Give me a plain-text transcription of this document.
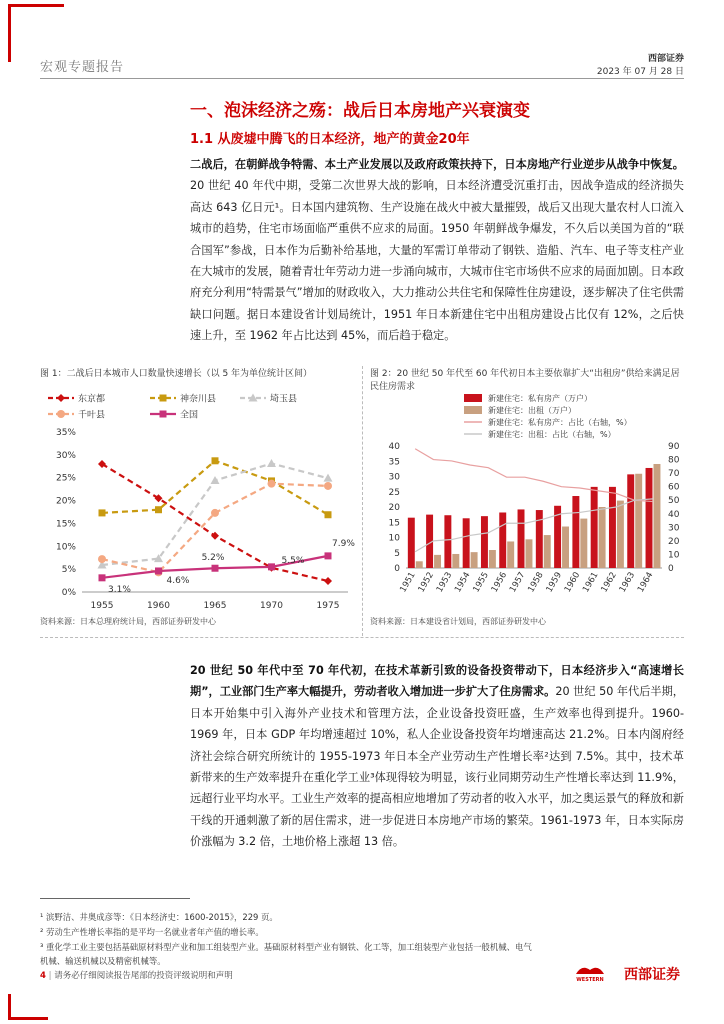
宏观专题报告
西部证券
2023 年 07 月 28 日
一、泡沫经济之殇：战后日本房地产兴衰演变
1.1 从废墟中腾飞的日本经济，地产的黄金20年
二战后，在朝鲜战争特需、本土产业发展以及政府政策扶持下，日本房地产行业逆步从战争中恢复。20 世纪 40 年代中期，受第二次世界大战的影响，日本经济遭受沉重打击，因战争造成的经济损失高达 643 亿日元¹。日本国内建筑物、生产设施在战火中被大量摧毁，战后又出现大量农村人口流入城市的趋势，住宅市场面临严重供不应求的局面。1950 年朝鲜战争爆发，不久后以美国为首的“联合国军”参战，日本作为后勤补给基地，大量的军需订单带动了钢铁、造船、汽车、电子等支柱产业在大城市的发展，随着青壮年劳动力进一步涌向城市，大城市住宅市场供不应求的局面加剧。日本政府充分利用“特需景气”增加的财政收入，大力推动公共住宅和保障性住房建设，逐步解决了住宅供需缺口问题。据日本建设省计划局统计，1951 年日本新建住宅中出租房建设占比仅有 12%，之后快速上升，至 1962 年占比达到 45%，而后趋于稳定。
图 1：二战后日本城市人口数量快速增长（以 5 年为单位统计区间）
东京都	神奈川县	埼玉县
千叶县	全国
0%
5%
10%
15%
20%
25%
30%
35%
1955	1960	1965	1970	1975
3.1%
4.6%
5.2%	5.5%
7.9%
资料来源：日本总理府统计局，西部证券研发中心
图 2：20 世纪 50 年代至 60 年代初日本主要依靠扩大“出租房”供给来满足居民住房需求
新建住宅：私有房产（万户）
新建住宅：出租（万户）
新建住宅：私有房产：占比（右轴，%）
新建住宅：出租：占比（右轴，%）
0
5
10
15
20
25
30
35
40
0
10
20
30
40
50
60
70
80
90
1951
1952
1953
1954
1955
1956
1957
1958
1959
1960
1961
1962
1963
1964
资料来源：日本建设省计划局，西部证券研发中心
20 世纪 50 年代中至 70 年代初，在技术革新引致的设备投资带动下，日本经济步入“高速增长期”，工业部门生产率大幅提升，劳动者收入增加进一步扩大了住房需求。20 世纪 50 年代后半期，日本开始集中引入海外产业技术和管理方法，企业设备投资旺盛，生产效率也得到提升。1960-1969 年，日本 GDP 年均增速超过 10%，私人企业设备投资年均增速高达 21.2%。日本内阁府经济社会综合研究所统计的 1955-1973 年日本全产业劳动生产性增长率²达到 7.5%。其中，技术革新带来的生产效率提升在重化学工业³体现得较为明显，该行业同期劳动生产性增长率达到 11.9%，远超行业平均水平。工业生产效率的提高相应地增加了劳动者的收入水平，加之奥运景气的释放和新干线的开通刺激了新的居住需求，进一步促进日本房地产市场的繁荣。1961-1973 年，日本实际房价涨幅为 3.2 倍，土地价格上涨超 13 倍。
¹ 滨野洁、井奥成彦等：《日本经济史：1600-2015》，229 页。
² 劳动生产性增长率指的是平均一名就业者年产值的增长率。
³ 重化学工业主要包括基础原材料型产业和加工组装型产业。基础原材料型产业有钢铁、化工等，加工组装型产业包括一般机械、电气
机械、输送机械以及精密机械等。
4 | 请务必仔细阅读报告尾部的投资评级说明和声明	WESTERN 西部证券
